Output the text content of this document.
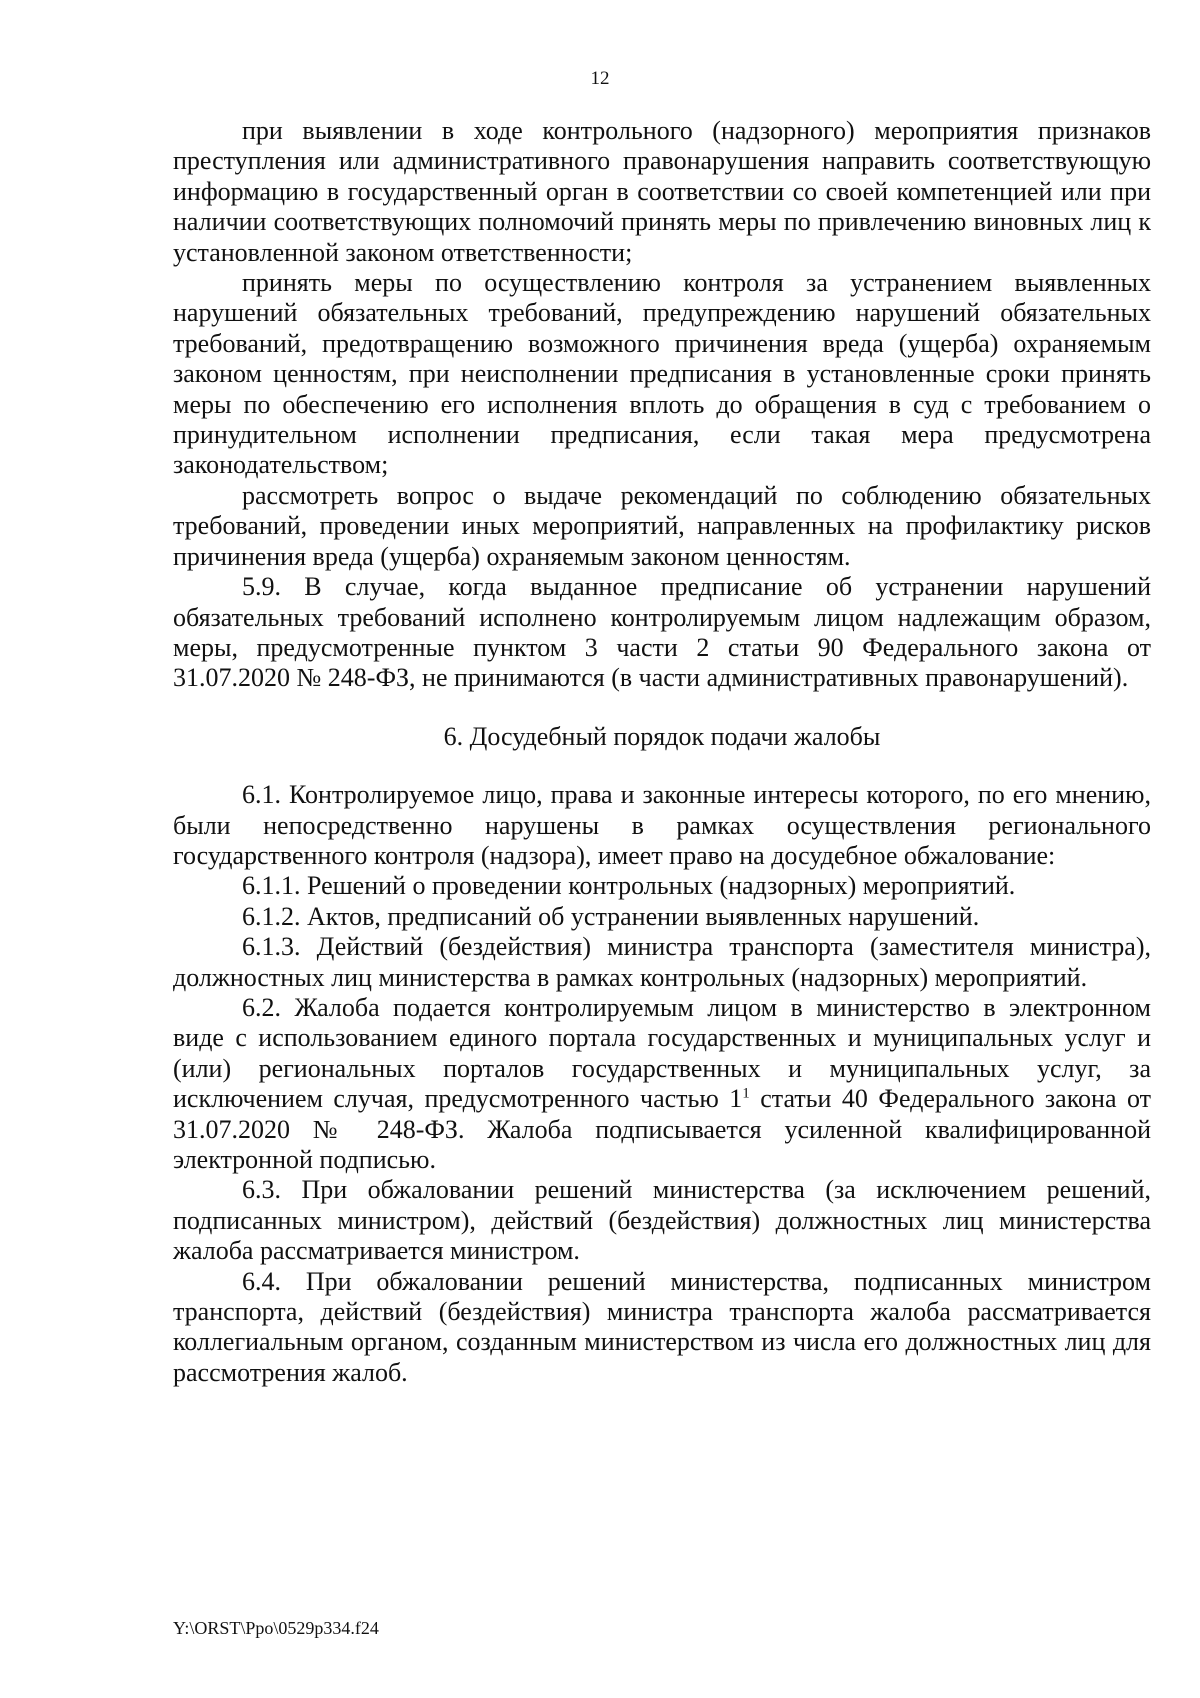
12

при выявлении в ходе контрольного (надзорного) мероприятия признаков преступления или административного правонарушения направить соответствующую информацию в государственный орган в соответствии со своей компетенцией или при наличии соответствующих полномочий принять меры по привлечению виновных лиц к установленной законом ответственности;

принять меры по осуществлению контроля за устранением выявленных нарушений обязательных требований, предупреждению нарушений обязательных требований, предотвращению возможного причинения вреда (ущерба) охраняемым законом ценностям, при неисполнении предписания в установленные сроки принять меры по обеспечению его исполнения вплоть до обращения в суд с требованием о принудительном исполнении предписания, если такая мера предусмотрена законодательством;

рассмотреть вопрос о выдаче рекомендаций по соблюдению обязательных требований, проведении иных мероприятий, направленных на профилактику рисков причинения вреда (ущерба) охраняемым законом ценностям.

5.9. В случае, когда выданное предписание об устранении нарушений обязательных требований исполнено контролируемым лицом надлежащим образом, меры, предусмотренные пунктом 3 части 2 статьи 90 Федерального закона от 31.07.2020 № 248-ФЗ, не принимаются (в части административных правонарушений).

6. Досудебный порядок подачи жалобы

6.1. Контролируемое лицо, права и законные интересы которого, по его мнению, были непосредственно нарушены в рамках осуществления регионального государственного контроля (надзора), имеет право на досудебное обжалование:

6.1.1. Решений о проведении контрольных (надзорных) мероприятий.

6.1.2. Актов, предписаний об устранении выявленных нарушений.

6.1.3. Действий (бездействия) министра транспорта (заместителя министра), должностных лиц министерства в рамках контрольных (надзорных) мероприятий.

6.2. Жалоба подается контролируемым лицом в министерство в электронном виде с использованием единого портала государственных и муниципальных услуг и (или) региональных порталов государственных и муниципальных услуг, за исключением случая, предусмотренного частью $1^1$ статьи 40 Федерального закона от 31.07.2020 № 248-ФЗ. Жалоба подписывается усиленной квалифицированной электронной подписью.

6.3. При обжаловании решений министерства (за исключением решений, подписанных министром), действий (бездействия) должностных лиц министерства жалоба рассматривается министром.

6.4. При обжаловании решений министерства, подписанных министром транспорта, действий (бездействия) министра транспорта жалоба рассматривается коллегиальным органом, созданным министерством из числа его должностных лиц для рассмотрения жалоб.

Y:\ORST\Ppo\0529p334.f24
